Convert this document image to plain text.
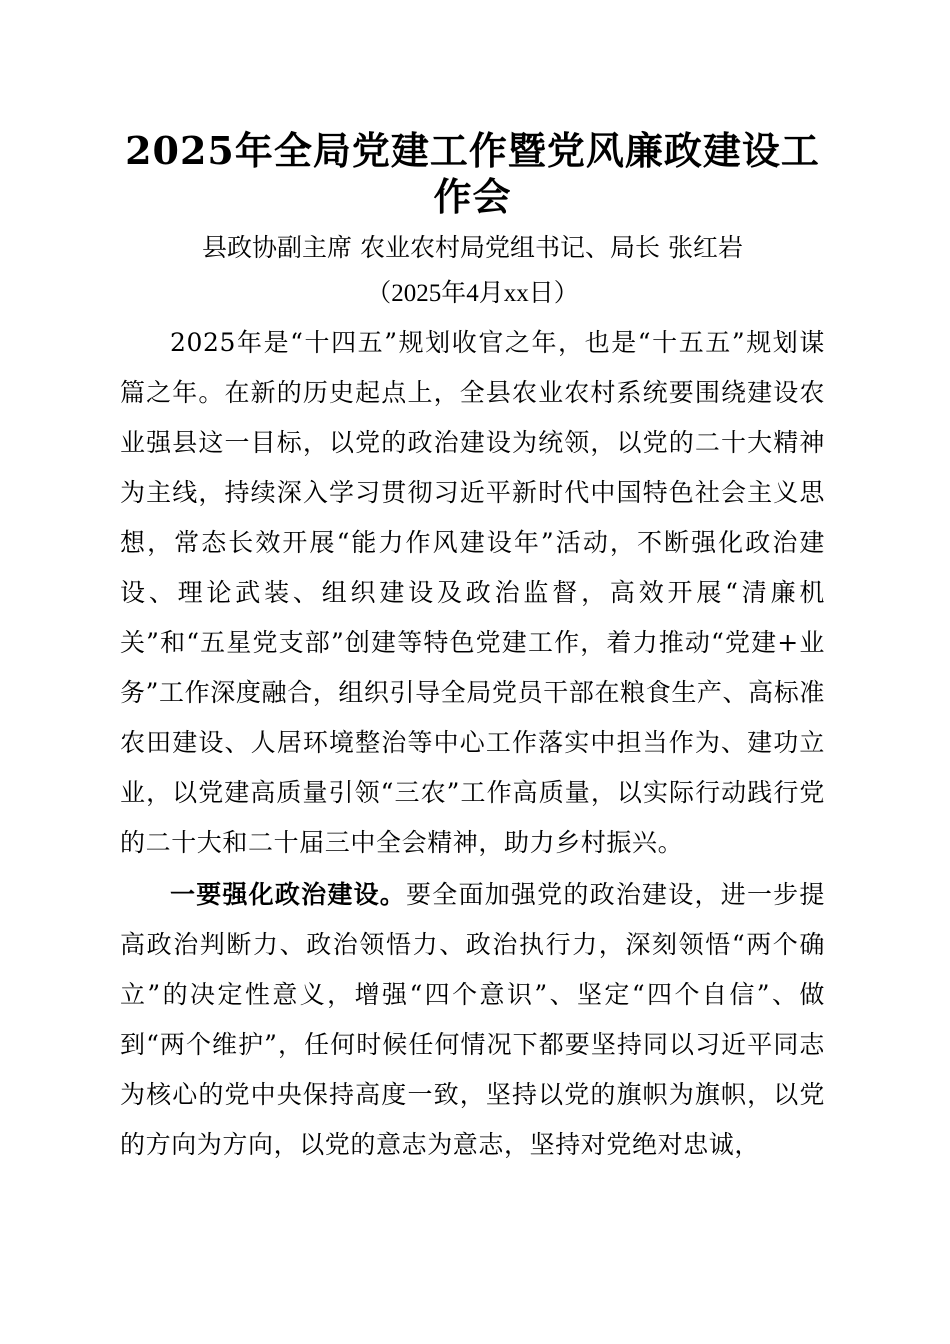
2025年全局党建工作暨党风廉政建设工作会

县政协副主席 农业农村局党组书记、局长 张红岩

（2025年4月xx日）

2025年是“十四五”规划收官之年，也是“十五五”规划谋篇之年。在新的历史起点上，全县农业农村系统要围绕建设农业强县这一目标，以党的政治建设为统领，以党的二十大精神为主线，持续深入学习贯彻习近平新时代中国特色社会主义思想，常态长效开展“能力作风建设年”活动，不断强化政治建设、理论武装、组织建设及政治监督，高效开展“清廉机关”和“五星党支部”创建等特色党建工作，着力推动“党建+业务”工作深度融合，组织引导全局党员干部在粮食生产、高标准农田建设、人居环境整治等中心工作落实中担当作为、建功立业，以党建高质量引领“三农”工作高质量，以实际行动践行党的二十大和二十届三中全会精神，助力乡村振兴。

一要强化政治建设。要全面加强党的政治建设，进一步提高政治判断力、政治领悟力、政治执行力，深刻领悟“两个确立”的决定性意义，增强“四个意识”、坚定“四个自信”、做到“两个维护”，任何时候任何情况下都要坚持同以习近平同志为核心的党中央保持高度一致，坚持以党的旗帜为旗帜，以党的方向为方向，以党的意志为意志，坚持对党绝对忠诚，
